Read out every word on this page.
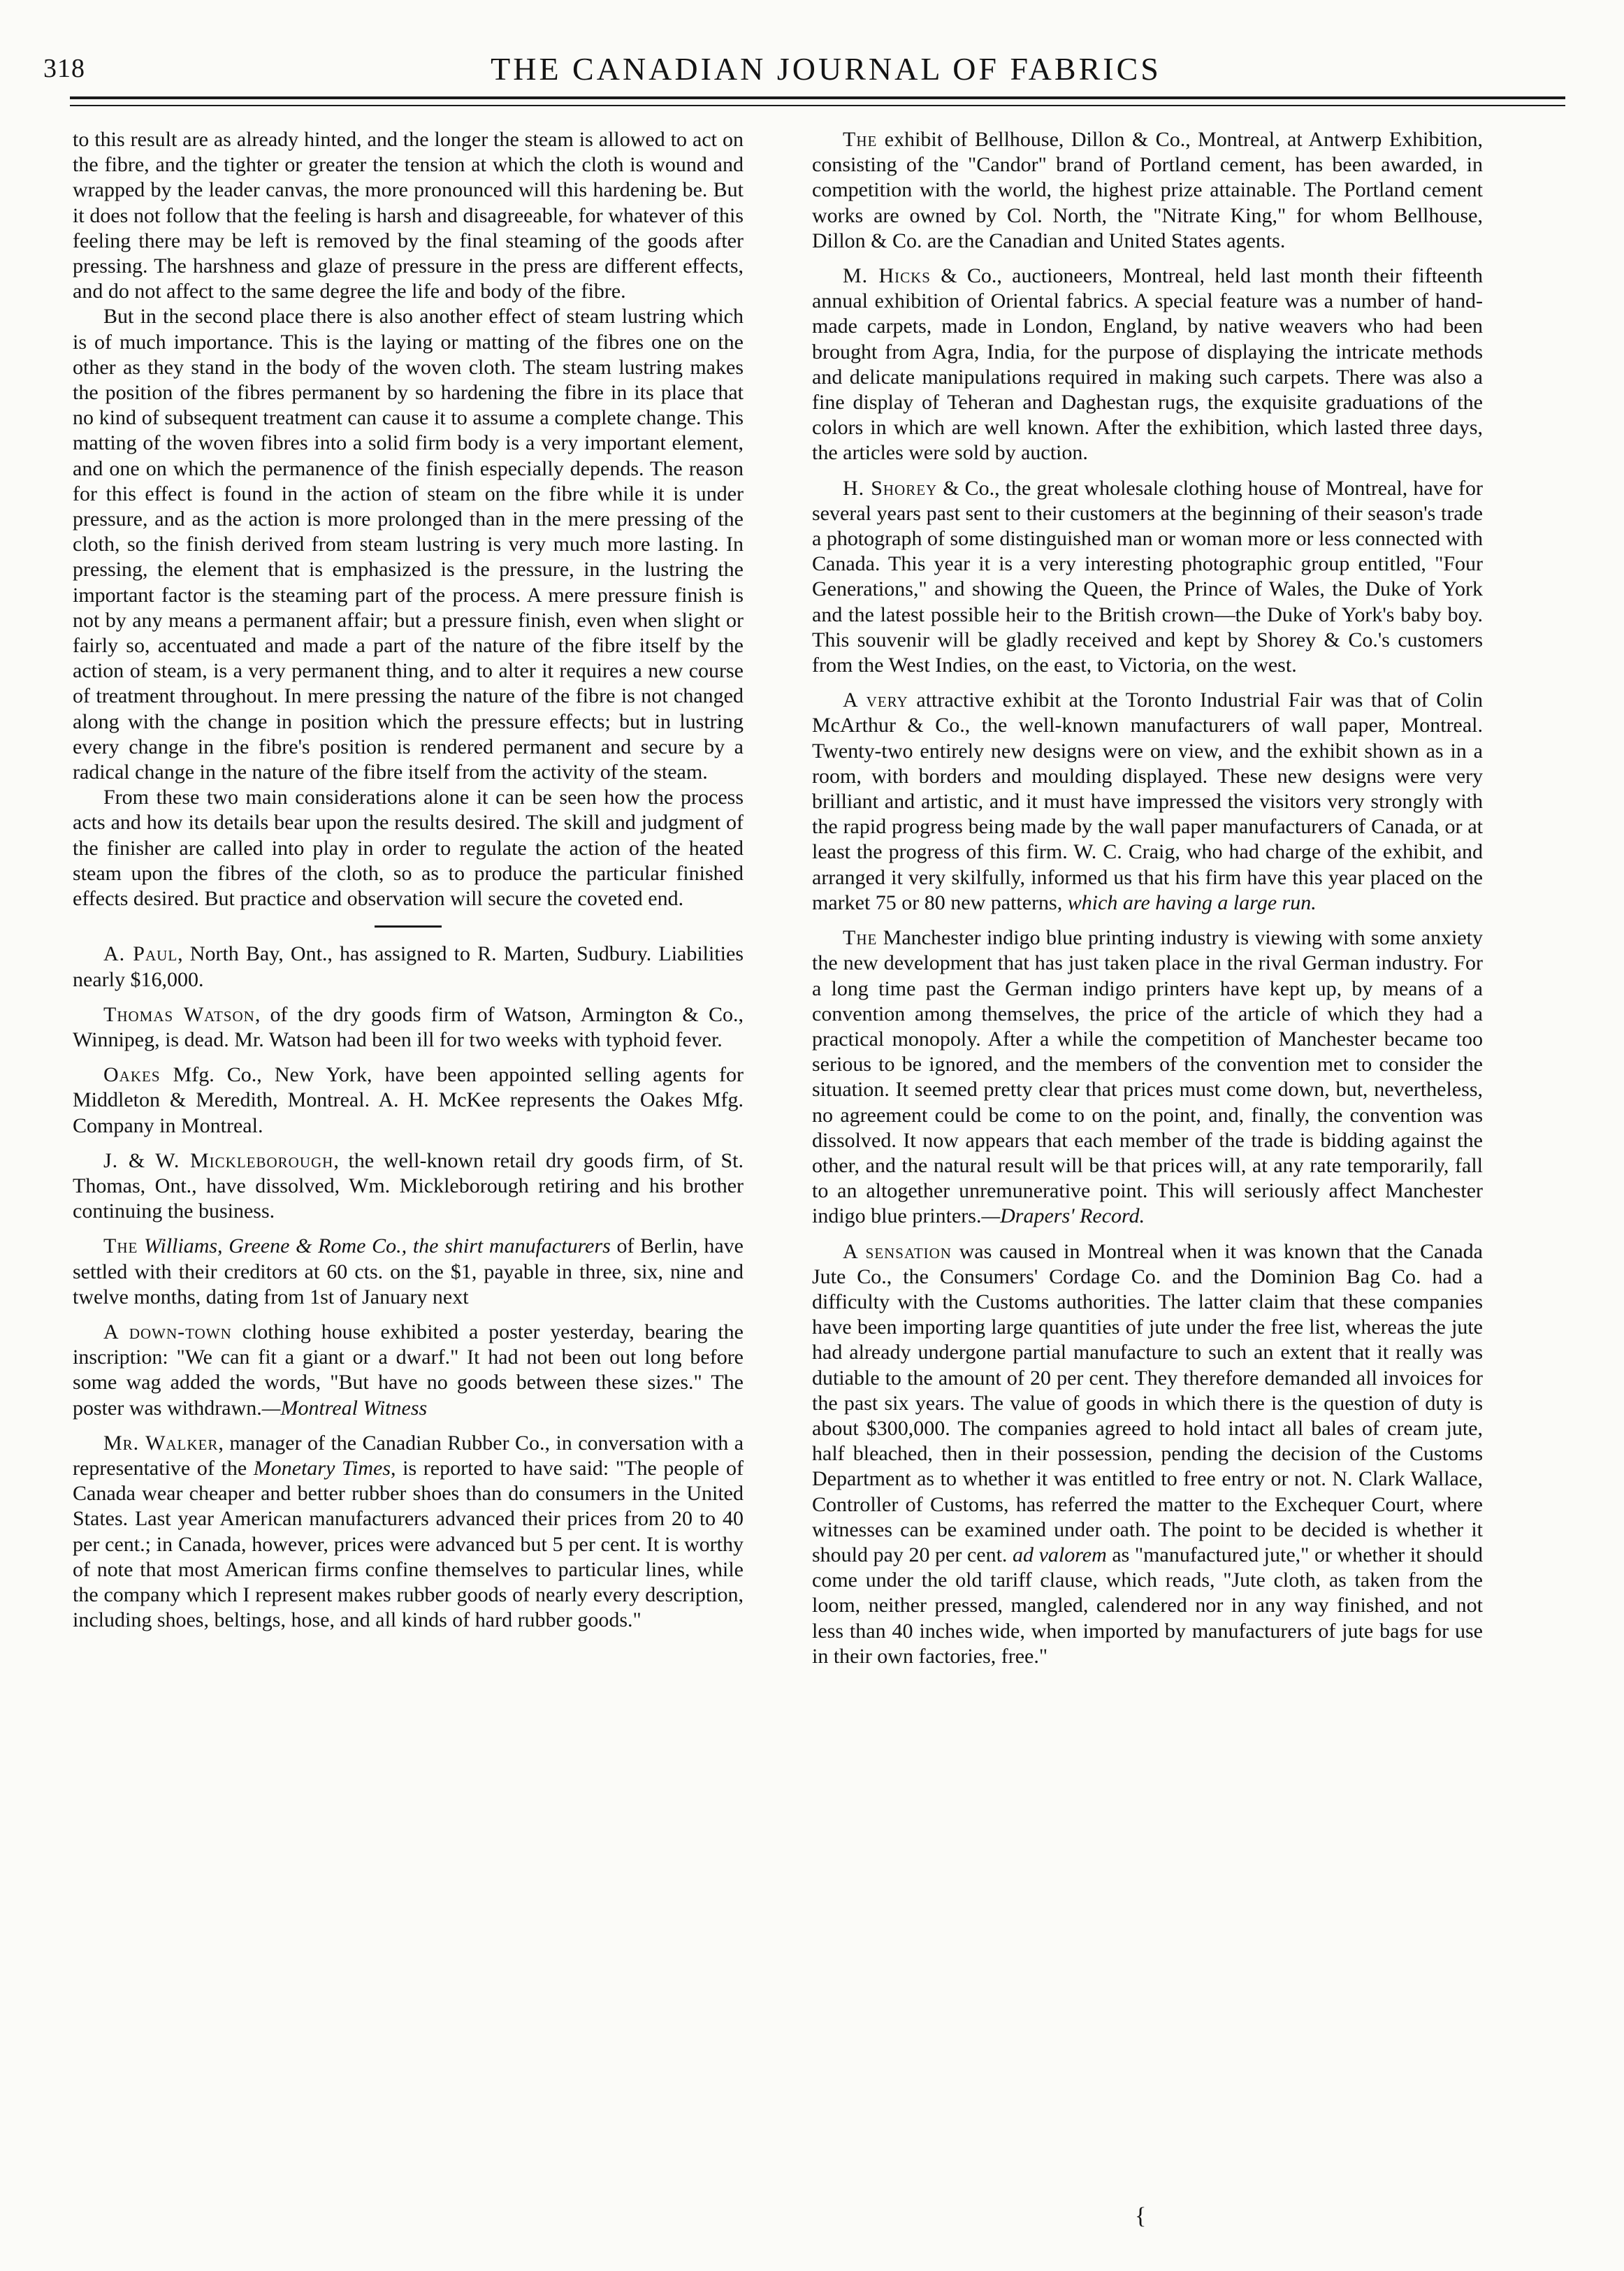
318	THE CANADIAN JOURNAL OF FABRICS

to this result are as already hinted, and the longer the steam is allowed to act on the fibre, and the tighter or greater the tension at which the cloth is wound and wrapped by the leader canvas, the more pronounced will this hardening be. But it does not follow that the feeling is harsh and disagreeable, for whatever of this feeling there may be left is removed by the final steaming of the goods after pressing. The harshness and glaze of pressure in the press are different effects, and do not affect to the same degree the life and body of the fibre.

But in the second place there is also another effect of steam lustring which is of much importance. This is the laying or matting of the fibres one on the other as they stand in the body of the woven cloth. The steam lustring makes the position of the fibres permanent by so hardening the fibre in its place that no kind of subsequent treatment can cause it to assume a complete change. This matting of the woven fibres into a solid firm body is a very important element, and one on which the permanence of the finish especially depends. The reason for this effect is found in the action of steam on the fibre while it is under pressure, and as the action is more prolonged than in the mere pressing of the cloth, so the finish derived from steam lustring is very much more lasting. In pressing, the element that is emphasized is the pressure, in the lustring the important factor is the steaming part of the process. A mere pressure finish is not by any means a permanent affair; but a pressure finish, even when slight or fairly so, accentuated and made a part of the nature of the fibre itself by the action of steam, is a very permanent thing, and to alter it requires a new course of treatment throughout. In mere pressing the nature of the fibre is not changed along with the change in position which the pressure effects; but in lustring every change in the fibre's position is rendered permanent and secure by a radical change in the nature of the fibre itself from the activity of the steam.

From these two main considerations alone it can be seen how the process acts and how its details bear upon the results desired. The skill and judgment of the finisher are called into play in order to regulate the action of the heated steam upon the fibres of the cloth, so as to produce the particular finished effects desired. But practice and observation will secure the coveted end.

A. Paul, North Bay, Ont., has assigned to R. Marten, Sudbury. Liabilities nearly $16,000.

Thomas Watson, of the dry goods firm of Watson, Armington & Co., Winnipeg, is dead. Mr. Watson had been ill for two weeks with typhoid fever.

Oakes Mfg. Co., New York, have been appointed selling agents for Middleton & Meredith, Montreal. A. H. McKee represents the Oakes Mfg. Company in Montreal.

J. & W. Mickleborough, the well-known retail dry goods firm, of St. Thomas, Ont., have dissolved, Wm. Mickleborough retiring and his brother continuing the business.

The Williams, Greene & Rome Co., the shirt manufacturers of Berlin, have settled with their creditors at 60 cts. on the $1, payable in three, six, nine and twelve months, dating from 1st of January next

A down-town clothing house exhibited a poster yesterday, bearing the inscription: "We can fit a giant or a dwarf." It had not been out long before some wag added the words, "But have no goods between these sizes." The poster was withdrawn.—Montreal Witness

Mr. Walker, manager of the Canadian Rubber Co., in conversation with a representative of the Monetary Times, is reported to have said: "The people of Canada wear cheaper and better rubber shoes than do consumers in the United States. Last year American manufacturers advanced their prices from 20 to 40 per cent.; in Canada, however, prices were advanced but 5 per cent. It is worthy of note that most American firms confine themselves to particular lines, while the company which I represent makes rubber goods of nearly every description, including shoes, beltings, hose, and all kinds of hard rubber goods."

The exhibit of Bellhouse, Dillon & Co., Montreal, at Antwerp Exhibition, consisting of the "Candor" brand of Portland cement, has been awarded, in competition with the world, the highest prize attainable. The Portland cement works are owned by Col. North, the "Nitrate King," for whom Bellhouse, Dillon & Co. are the Canadian and United States agents.

M. Hicks & Co., auctioneers, Montreal, held last month their fifteenth annual exhibition of Oriental fabrics. A special feature was a number of hand-made carpets, made in London, England, by native weavers who had been brought from Agra, India, for the purpose of displaying the intricate methods and delicate manipulations required in making such carpets. There was also a fine display of Teheran and Daghestan rugs, the exquisite graduations of the colors in which are well known. After the exhibition, which lasted three days, the articles were sold by auction.

H. Shorey & Co., the great wholesale clothing house of Montreal, have for several years past sent to their customers at the beginning of their season's trade a photograph of some distinguished man or woman more or less connected with Canada. This year it is a very interesting photographic group entitled, "Four Generations," and showing the Queen, the Prince of Wales, the Duke of York and the latest possible heir to the British crown—the Duke of York's baby boy. This souvenir will be gladly received and kept by Shorey & Co.'s customers from the West Indies, on the east, to Victoria, on the west.

A very attractive exhibit at the Toronto Industrial Fair was that of Colin McArthur & Co., the well-known manufacturers of wall paper, Montreal. Twenty-two entirely new designs were on view, and the exhibit shown as in a room, with borders and moulding displayed. These new designs were very brilliant and artistic, and it must have impressed the visitors very strongly with the rapid progress being made by the wall paper manufacturers of Canada, or at least the progress of this firm. W. C. Craig, who had charge of the exhibit, and arranged it very skilfully, informed us that his firm have this year placed on the market 75 or 80 new patterns, which are having a large run.

The Manchester indigo blue printing industry is viewing with some anxiety the new development that has just taken place in the rival German industry. For a long time past the German indigo printers have kept up, by means of a convention among themselves, the price of the article of which they had a practical monopoly. After a while the competition of Manchester became too serious to be ignored, and the members of the convention met to consider the situation. It seemed pretty clear that prices must come down, but, nevertheless, no agreement could be come to on the point, and, finally, the convention was dissolved. It now appears that each member of the trade is bidding against the other, and the natural result will be that prices will, at any rate temporarily, fall to an altogether unremunerative point. This will seriously affect Manchester indigo blue printers.—Drapers' Record.

A sensation was caused in Montreal when it was known that the Canada Jute Co., the Consumers' Cordage Co. and the Dominion Bag Co. had a difficulty with the Customs authorities. The latter claim that these companies have been importing large quantities of jute under the free list, whereas the jute had already undergone partial manufacture to such an extent that it really was dutiable to the amount of 20 per cent. They therefore demanded all invoices for the past six years. The value of goods in which there is the question of duty is about $300,000. The companies agreed to hold intact all bales of cream jute, half bleached, then in their possession, pending the decision of the Customs Department as to whether it was entitled to free entry or not. N. Clark Wallace, Controller of Customs, has referred the matter to the Exchequer Court, where witnesses can be examined under oath. The point to be decided is whether it should pay 20 per cent. ad valorem as "manufactured jute," or whether it should come under the old tariff clause, which reads, "Jute cloth, as taken from the loom, neither pressed, mangled, calendered nor in any way finished, and not less than 40 inches wide, when imported by manufacturers of jute bags for use in their own factories, free."

{
